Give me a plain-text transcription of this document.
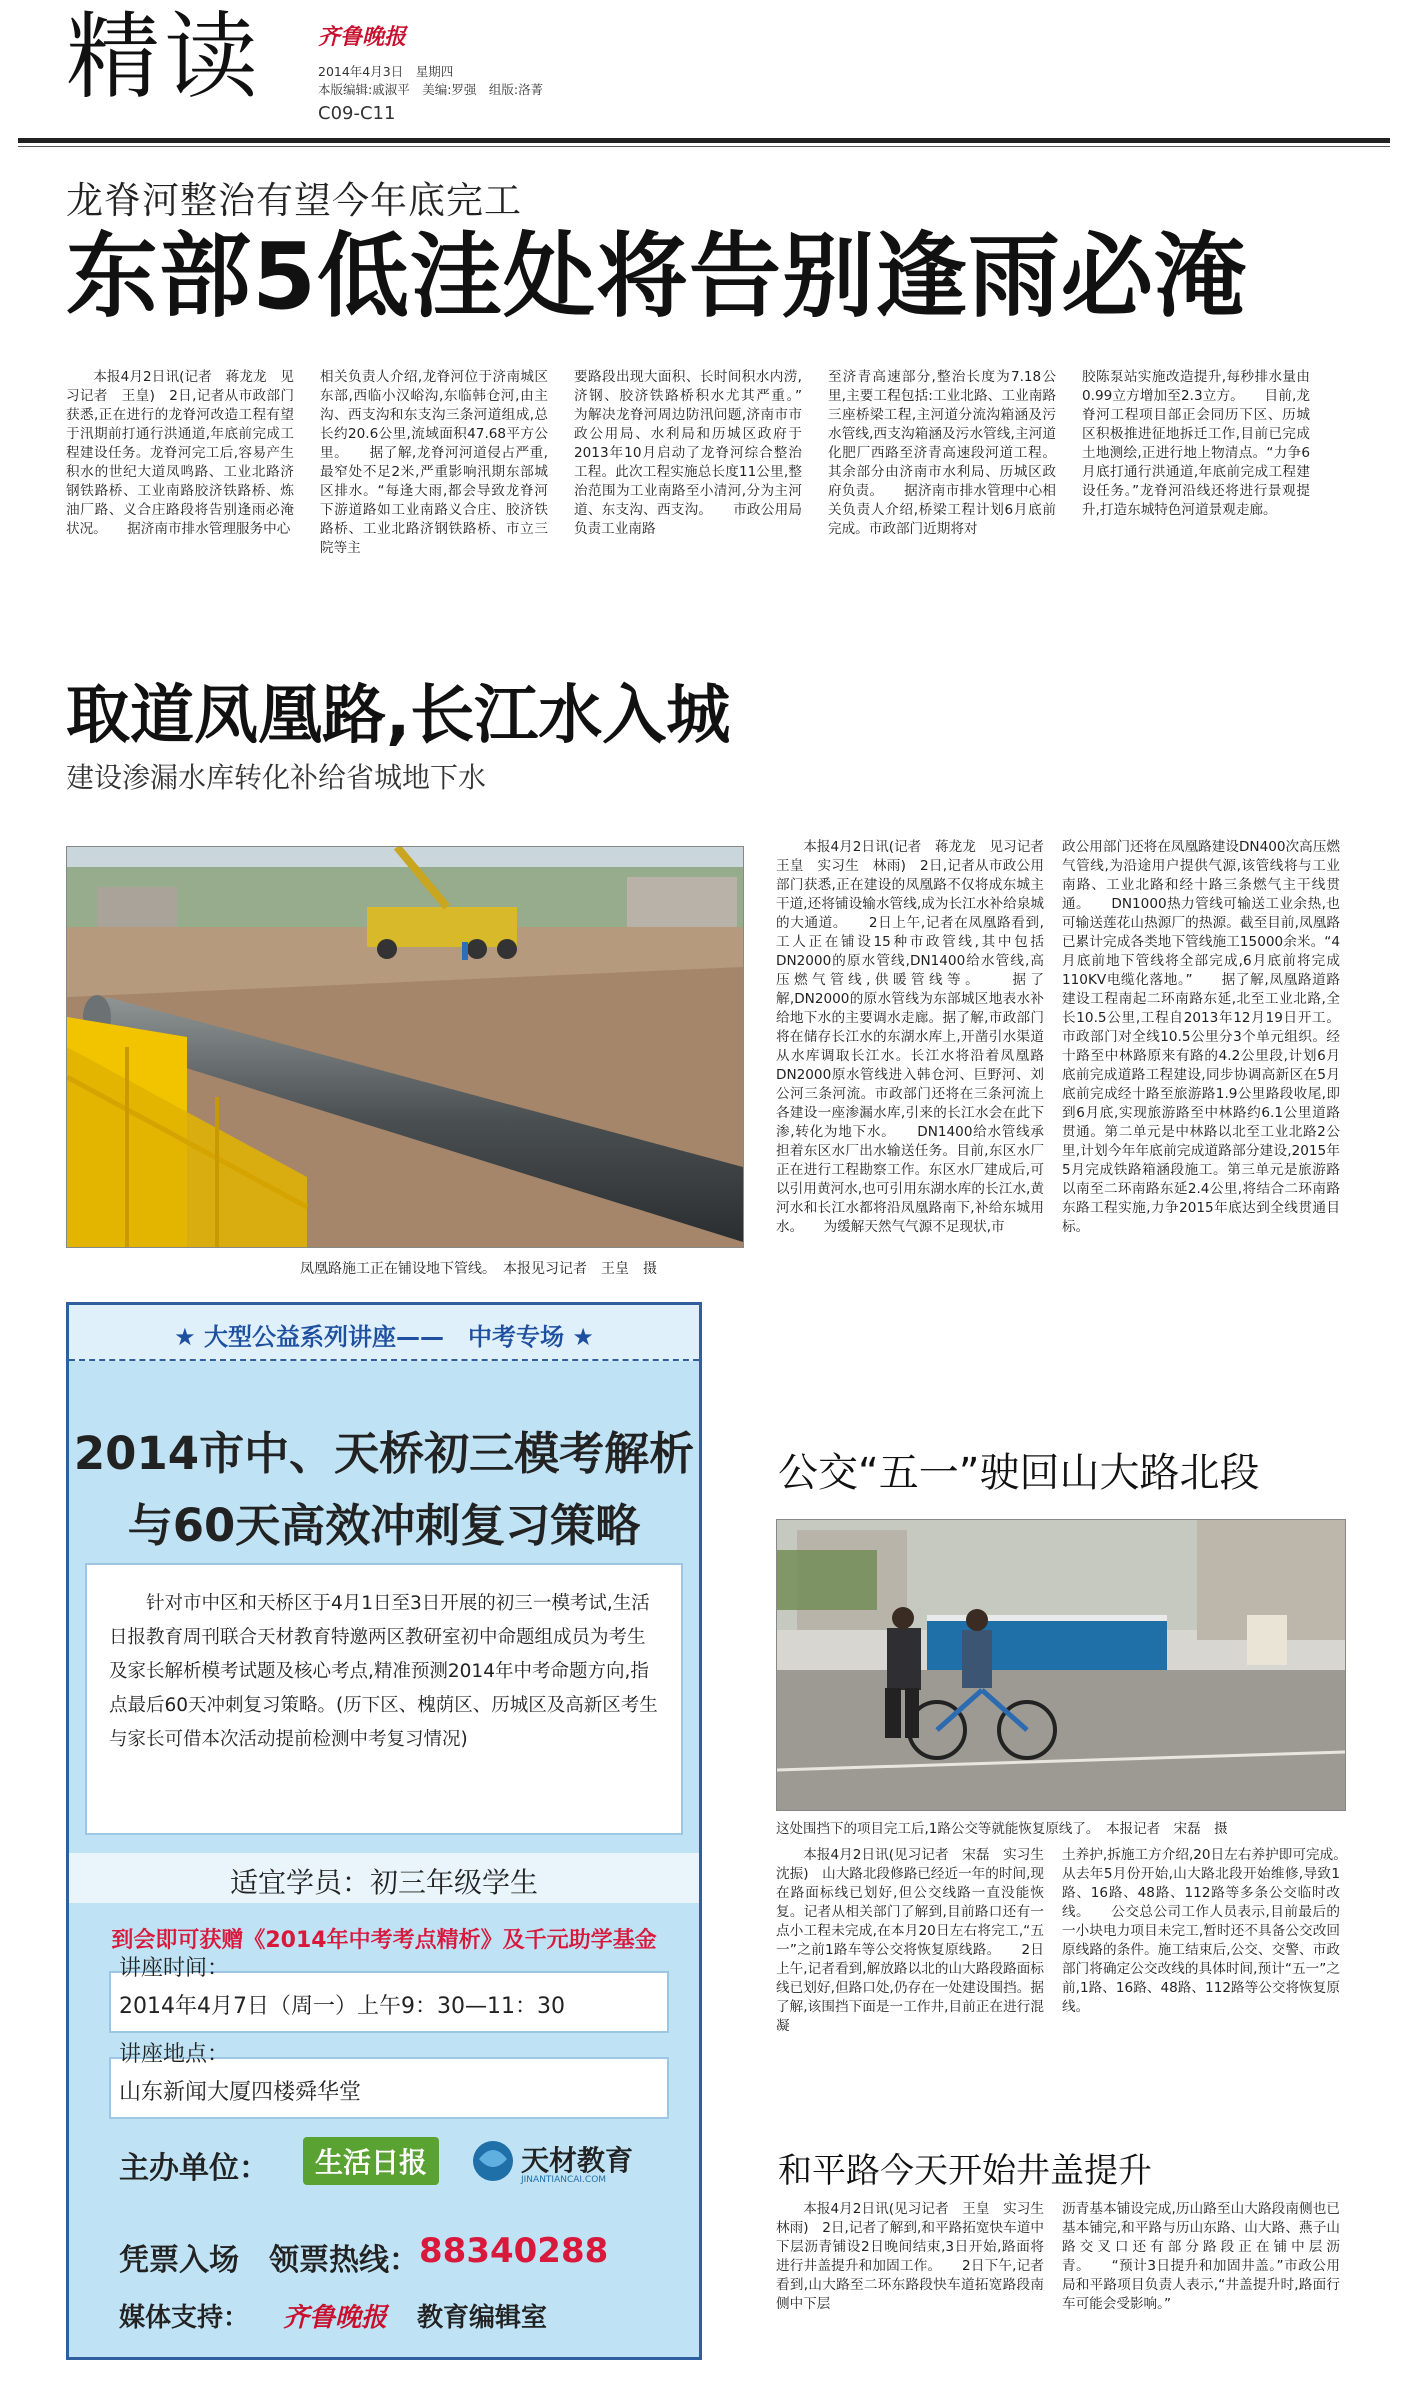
精读	齐鲁晚报
2014年4月3日　星期四
本版编辑:戚淑平　美编:罗强　组版:洛菁
C09-C11
龙脊河整治有望今年底完工
东部5低洼处将告别逢雨必淹

本报4月2日讯(记者　蒋龙龙　见习记者　王皇)　2日,记者从市政部门获悉,正在进行的龙脊河改造工程有望于汛期前打通行洪通道,年底前完成工程建设任务。龙脊河完工后,容易产生积水的世纪大道凤鸣路、工业北路济钢铁路桥、工业南路胶济铁路桥、炼油厂路、义合庄路段将告别逢雨必淹状况。　　据济南市排水管理服务中心

相关负责人介绍,龙脊河位于济南城区东部,西临小汉峪沟,东临韩仓河,由主沟、西支沟和东支沟三条河道组成,总长约20.6公里,流域面积47.68平方公里。　　据了解,龙脊河河道侵占严重,最窄处不足2米,严重影响汛期东部城区排水。“每逢大雨,都会导致龙脊河下游道路如工业南路义合庄、胶济铁路桥、工业北路济钢铁路桥、市立三院等主

要路段出现大面积、长时间积水内涝,济钢、胶济铁路桥积水尤其严重。”　　为解决龙脊河周边防汛问题,济南市市政公用局、水利局和历城区政府于2013年10月启动了龙脊河综合整治工程。此次工程实施总长度11公里,整治范围为工业南路至小清河,分为主河道、东支沟、西支沟。　　市政公用局负责工业南路

至济青高速部分,整治长度为7.18公里,主要工程包括:工业北路、工业南路三座桥梁工程,主河道分流沟箱涵及污水管线,西支沟箱涵及污水管线,主河道化肥厂西路至济青高速段河道工程。其余部分由济南市水利局、历城区政府负责。　　据济南市排水管理中心相关负责人介绍,桥梁工程计划6月底前完成。市政部门近期将对

胶陈泵站实施改造提升,每秒排水量由0.99立方增加至2.3立方。　　目前,龙脊河工程项目部正会同历下区、历城区积极推进征地拆迁工作,目前已完成土地测绘,正进行地上物清点。“力争6月底打通行洪通道,年底前完成工程建设任务。”龙脊河沿线还将进行景观提升,打造东城特色河道景观走廊。

取道凤凰路,长江水入城
建设渗漏水库转化补给省城地下水
凤凰路施工正在铺设地下管线。　本报见习记者　王皇　摄

本报4月2日讯(记者　蒋龙龙　见习记者　王皇　实习生　林雨)　2日,记者从市政公用部门获悉,正在建设的凤凰路不仅将成东城主干道,还将铺设输水管线,成为长江水补给泉城的大通道。　　2日上午,记者在凤凰路看到,工人正在铺设15种市政管线,其中包括DN2000的原水管线,DN1400给水管线,高压燃气管线,供暖管线等。　　据了解,DN2000的原水管线为东部城区地表水补给地下水的主要调水走廊。据了解,市政部门将在储存长江水的东湖水库上,开凿引水渠道从水库调取长江水。长江水将沿着凤凰路DN2000原水管线进入韩仓河、巨野河、刘公河三条河流。市政部门还将在三条河流上各建设一座渗漏水库,引来的长江水会在此下渗,转化为地下水。　　DN1400给水管线承担着东区水厂出水输送任务。目前,东区水厂正在进行工程勘察工作。东区水厂建成后,可以引用黄河水,也可引用东湖水库的长江水,黄河水和长江水都将沿凤凰路南下,补给东城用水。　　为缓解天然气气源不足现状,市

政公用部门还将在凤凰路建设DN400次高压燃气管线,为沿途用户提供气源,该管线将与工业南路、工业北路和经十路三条燃气主干线贯通。　　DN1000热力管线可输送工业余热,也可输送莲花山热源厂的热源。截至目前,凤凰路已累计完成各类地下管线施工15000余米。“4月底前地下管线将全部完成,6月底前将完成110KV电缆化落地。”　　据了解,凤凰路道路建设工程南起二环南路东延,北至工业北路,全长10.5公里,工程自2013年12月19日开工。市政部门对全线10.5公里分3个单元组织。经十路至中林路原来有路的4.2公里段,计划6月底前完成道路工程建设,同步协调高新区在5月底前完成经十路至旅游路1.9公里路段收尾,即到6月底,实现旅游路至中林路约6.1公里道路贯通。第二单元是中林路以北至工业北路2公里,计划今年年底前完成道路部分建设,2015年5月完成铁路箱涵段施工。第三单元是旅游路以南至二环南路东延2.4公里,将结合二环南路东路工程实施,力争2015年底达到全线贯通目标。

公交“五一”驶回山大路北段
这处围挡下的项目完工后,1路公交等就能恢复原线了。　本报记者　宋磊　摄

本报4月2日讯(见习记者　宋磊　实习生　沈振)　山大路北段修路已经近一年的时间,现在路面标线已划好,但公交线路一直没能恢复。记者从相关部门了解到,目前路口还有一点小工程未完成,在本月20日左右将完工,“五一”之前1路车等公交将恢复原线路。　　2日上午,记者看到,解放路以北的山大路段路面标线已划好,但路口处,仍存在一处建设围挡。据了解,该围挡下面是一工作井,目前正在进行混凝

土养护,拆施工方介绍,20日左右养护即可完成。　　从去年5月份开始,山大路北段开始维修,导致1路、16路、48路、112路等多条公交临时改线。　　公交总公司工作人员表示,目前最后的一小块电力项目未完工,暂时还不具备公交改回原线路的条件。施工结束后,公交、交警、市政部门将确定公交改线的具体时间,预计“五一”之前,1路、16路、48路、112路等公交将恢复原线。

和平路今天开始井盖提升

本报4月2日讯(见习记者　王皇　实习生　林雨)　2日,记者了解到,和平路拓宽快车道中下层沥青铺设2日晚间结束,3日开始,路面将进行井盖提升和加固工作。　　2日下午,记者看到,山大路至二环东路段快车道拓宽路段南侧中下层

沥青基本铺设完成,历山路至山大路段南侧也已基本铺完,和平路与历山东路、山大路、燕子山路交叉口还有部分路段正在铺中层沥青。　　“预计3日提升和加固井盖。”市政公用局和平路项目负责人表示,“井盖提升时,路面行车可能会受影响。”

★ 大型公益系列讲座——　中考专场 ★
2014市中、天桥初三模考解析
与60天高效冲刺复习策略
针对市中区和天桥区于4月1日至3日开展的初三一模考试,生活日报教育周刊联合天材教育特邀两区教研室初中命题组成员为考生及家长解析模考试题及核心考点,精准预测2014年中考命题方向,指点最后60天冲刺复习策略。(历下区、槐荫区、历城区及高新区考生与家长可借本次活动提前检测中考复习情况)
适宜学员：初三年级学生
到会即可获赠《2014年中考考点精析》及千元助学基金
讲座时间：
2014年4月7日（周一）上午9：30—11：30
讲座地点：
山东新闻大厦四楼舜华堂
主办单位：	生活日报	天材教育
JINANTIANCAI.COM
凭票入场　领票热线： 88340288
媒体支持： 齐鲁晚报 教育编辑室
